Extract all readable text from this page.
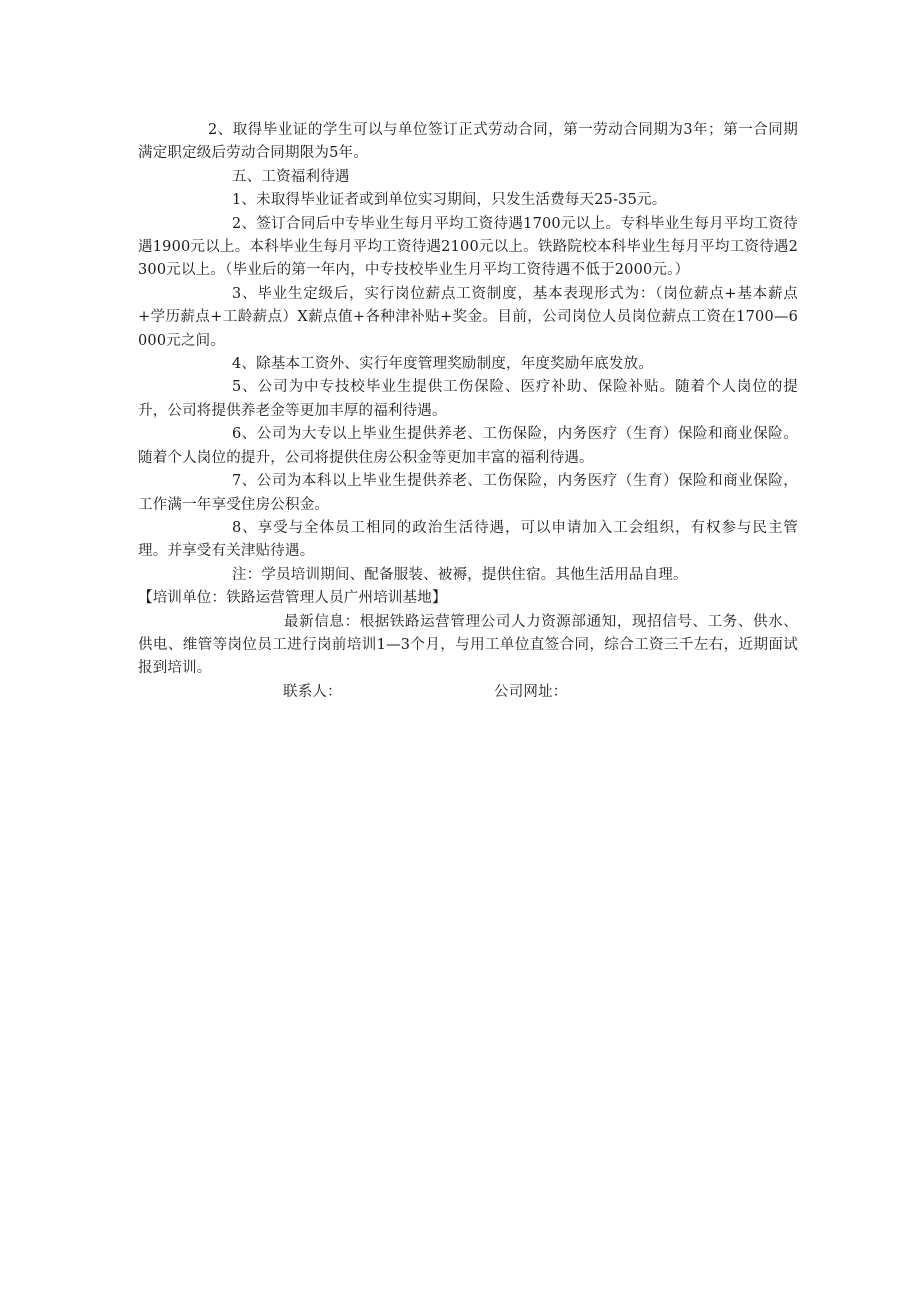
2、取得毕业证的学生可以与单位签订正式劳动合同，第一劳动合同期为3年；第一合同期满定职定级后劳动合同期限为5年。

五、工资福利待遇

1、未取得毕业证者或到单位实习期间，只发生活费每天25-35元。

2、签订合同后中专毕业生每月平均工资待遇1700元以上。专科毕业生每月平均工资待遇1900元以上。本科毕业生每月平均工资待遇2100元以上。铁路院校本科毕业生每月平均工资待遇2300元以上。（毕业后的第一年内，中专技校毕业生月平均工资待遇不低于2000元。）

3、毕业生定级后，实行岗位薪点工资制度，基本表现形式为：（岗位薪点+基本薪点+学历薪点+工龄薪点）X薪点值+各种津补贴+奖金。目前，公司岗位人员岗位薪点工资在1700—6000元之间。

4、除基本工资外、实行年度管理奖励制度，年度奖励年底发放。

5、公司为中专技校毕业生提供工伤保险、医疗补助、保险补贴。随着个人岗位的提升，公司将提供养老金等更加丰厚的福利待遇。

6、公司为大专以上毕业生提供养老、工伤保险，内务医疗（生育）保险和商业保险。随着个人岗位的提升，公司将提供住房公积金等更加丰富的福利待遇。

7、公司为本科以上毕业生提供养老、工伤保险，内务医疗（生育）保险和商业保险，工作满一年享受住房公积金。

8、享受与全体员工相同的政治生活待遇，可以申请加入工会组织，有权参与民主管理。并享受有关津贴待遇。

注：学员培训期间、配备服装、被褥，提供住宿。其他生活用品自理。

【培训单位：铁路运营管理人员广州培训基地】

最新信息：根据铁路运营管理公司人力资源部通知，现招信号、工务、供水、供电、维管等岗位员工进行岗前培训1—3个月，与用工单位直签合同，综合工资三千左右，近期面试报到培训。

联系人：	公司网址：
